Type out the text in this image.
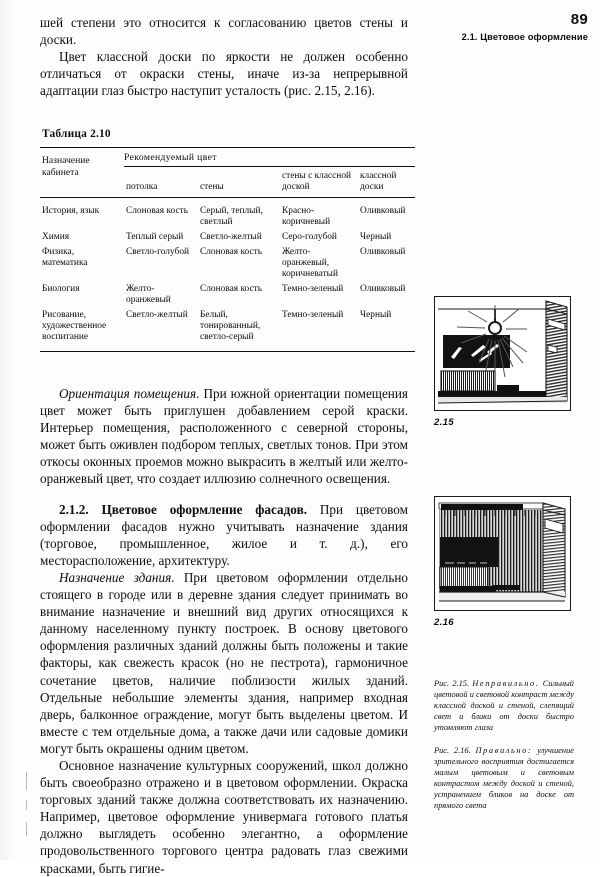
89
2.1. Цветовое оформление

шей степени это относится к согласованию цветов стены и доски.

Цвет классной доски по яркости не должен особенно отличаться от окраски стены, иначе из-за непрерывной адаптации глаз быстро наступит усталость (рис. 2.15, 2.16).

Таблица 2.10
Назначение кабинета	Рекомендуемый цвет			
	потолка	стены	стены с классной доской	классной доски

История, язык	Слоновая кость	Серый, теплый, светлый	Красно-коричневый	Оливковый
Химия	Теплый серый	Светло-желтый	Серо-голубой	Черный
Физика, математика	Светло-голубой	Слоновая кость	Желто-оранжевый, коричневатый	Оливковый
Биология	Желто-оранжевый	Слоновая кость	Темно-зеленый	Оливковый
Рисование, художественное воспитание	Светло-желтый	Белый, тонированный, светло-серый	Темно-зеленый	Черный

Ориентация помещения. При южной ориентации помещения цвет может быть приглушен добавлением серой краски. Интерьер помещения, расположенного с северной стороны, может быть оживлен подбором теплых, светлых тонов. При этом откосы оконных проемов можно выкрасить в желтый или желто-оранжевый цвет, что создает иллюзию солнечного освещения.

2.1.2. Цветовое оформление фасадов. При цветовом оформлении фасадов нужно учитывать назначение здания (торговое, промышленное, жилое и т. д.), его месторасположение, архитектуру.

Назначение здания. При цветовом оформлении отдельно стоящего в городе или в деревне здания следует принимать во внимание назначение и внешний вид других относящихся к данному населенному пункту построек. В основу цветового оформления различных зданий должны быть положены и такие факторы, как свежесть красок (но не пестрота), гармоничное сочетание цветов, наличие поблизости жилых зданий. Отдельные небольшие элементы здания, например входная дверь, балконное ограждение, могут быть выделены цветом. И вместе с тем отдельные дома, а также дачи или садовые домики могут быть окрашены одним цветом.

Основное назначение культурных сооружений, школ должно быть своеобразно отражено и в цветовом оформлении. Окраска торговых зданий также должна соответствовать их назначению. Например, цветовое оформление универмага готового платья должно выглядеть особенно элегантно, а оформление продовольственного торгового центра радовать глаз свежими красками, быть гигие-

2.15
2.16
Рис. 2.15. Неправильно. Сильный цветовой и световой контраст между классной доской и стеной, слепящий свет и блики от доски быстро утомляют глаза
Рис. 2.16. Правильно: улучшение зрительного восприятия достигается малым цветовым и световым контрастом между доской и стеной, устранением бликов на доске от прямого света
